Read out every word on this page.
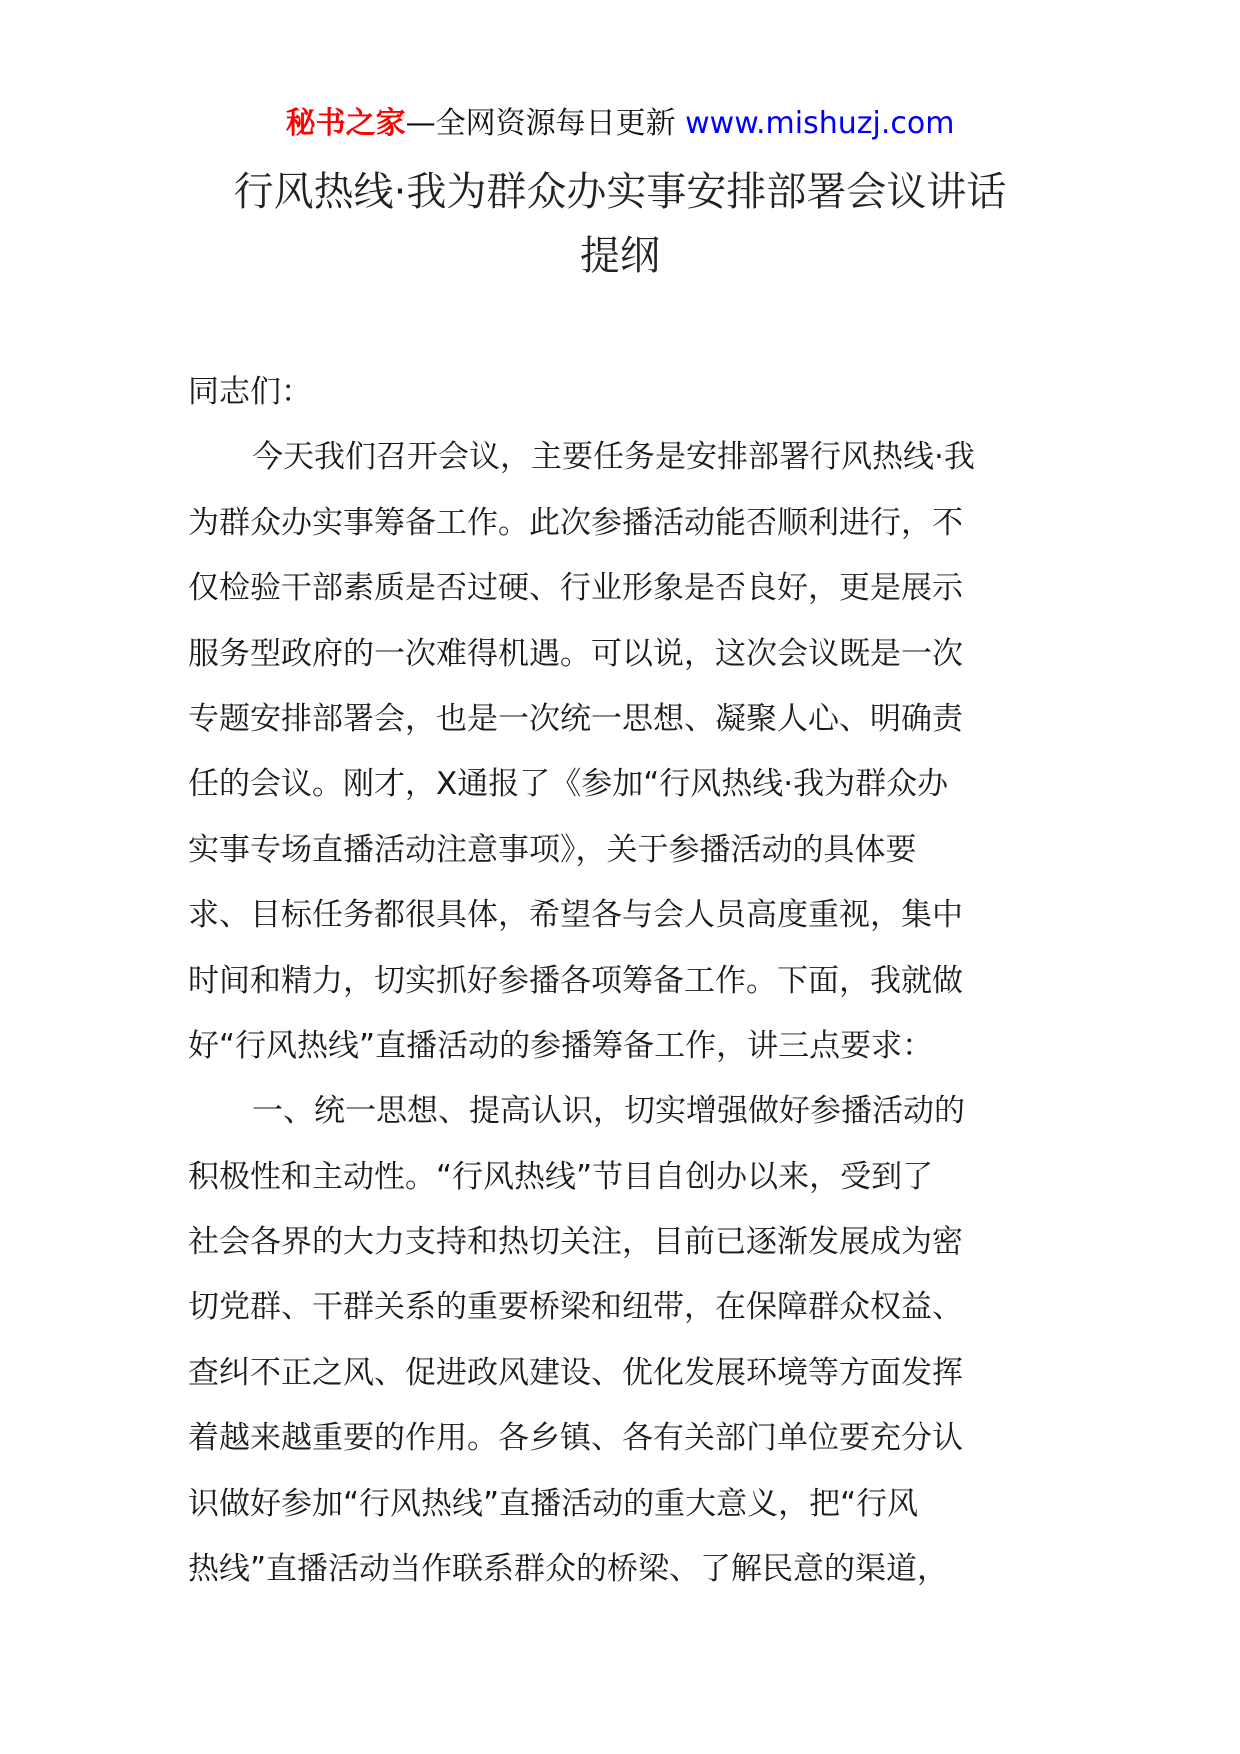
秘书之家—全网资源每日更新 www.mishuzj.com
行风热线·我为群众办实事安排部署会议讲话
提纲
同志们：
今天我们召开会议，主要任务是安排部署行风热线·我
为群众办实事筹备工作。此次参播活动能否顺利进行，不
仅检验干部素质是否过硬、行业形象是否良好，更是展示
服务型政府的一次难得机遇。可以说，这次会议既是一次
专题安排部署会，也是一次统一思想、凝聚人心、明确责
任的会议。刚才，X通报了《参加“行风热线·我为群众办
实事专场直播活动注意事项》，关于参播活动的具体要
求、目标任务都很具体，希望各与会人员高度重视，集中
时间和精力，切实抓好参播各项筹备工作。下面，我就做
好“行风热线”直播活动的参播筹备工作，讲三点要求：
一、统一思想、提高认识，切实增强做好参播活动的
积极性和主动性。“行风热线”节目自创办以来，受到了
社会各界的大力支持和热切关注，目前已逐渐发展成为密
切党群、干群关系的重要桥梁和纽带，在保障群众权益、
查纠不正之风、促进政风建设、优化发展环境等方面发挥
着越来越重要的作用。各乡镇、各有关部门单位要充分认
识做好参加“行风热线”直播活动的重大意义，把“行风
热线”直播活动当作联系群众的桥梁、了解民意的渠道，
